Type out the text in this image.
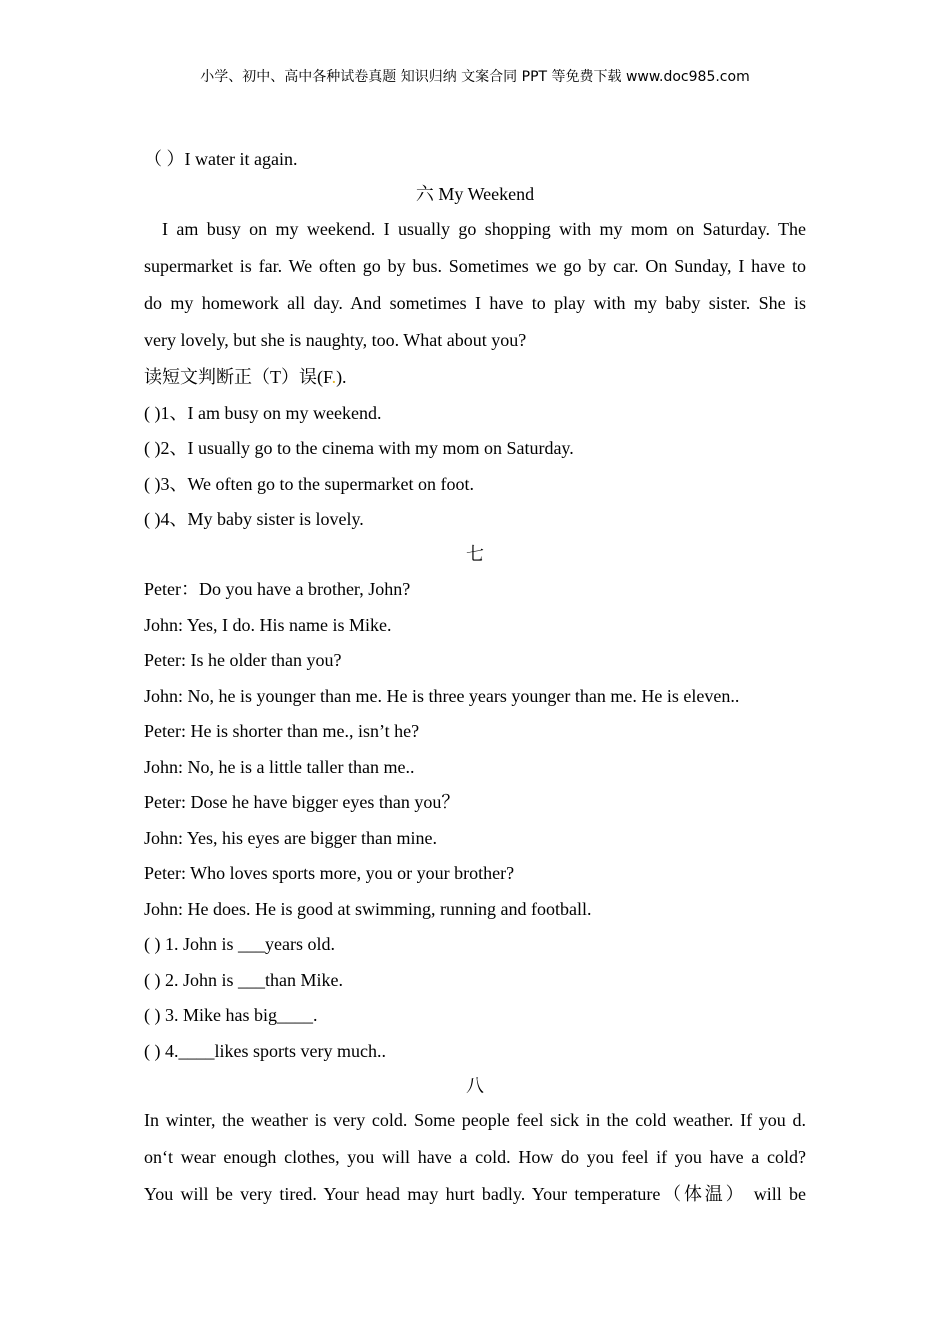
小学、初中、高中各种试卷真题 知识归纳 文案合同 PPT 等免费下载 www.doc985.com
（ ）I water it again.
六 My Weekend
I am busy on my weekend. I usually go shopping with my mom on Saturday. The
supermarket is far. We often go by bus. Sometimes we go by car. On Sunday, I have to
do my homework all day. And sometimes I have to play with my baby sister. She is
very lovely, but she is naughty, too. What about you?
读短文判断正（T）误(F.).
( )1、I am busy on my weekend.
( )2、I usually go to the cinema with my mom on Saturday.
( )3、We often go to the supermarket on foot.
( )4、My baby sister is lovely.
七
Peter：Do you have a brother, John?
John: Yes, I do. His name is Mike.
Peter: Is he older than you?
John: No, he is younger than me. He is three years younger than me. He is eleven..
Peter: He is shorter than me., isn’t he?
John: No, he is a little taller than me..
Peter: Dose he have bigger eyes than you？
John: Yes, his eyes are bigger than mine.
Peter: Who loves sports more, you or your brother?
John: He does. He is good at swimming, running and football.
( ) 1. John is ___years old.
( ) 2. John is ___than Mike.
( ) 3. Mike has big____.
( ) 4.____likes sports very much..
八
In winter, the weather is very cold. Some people feel sick in the cold weather. If you d.
on‘t wear enough clothes, you will have a cold. How do you feel if you have a cold?
You will be very tired. Your head may hurt badly. Your temperature（体温） will be
